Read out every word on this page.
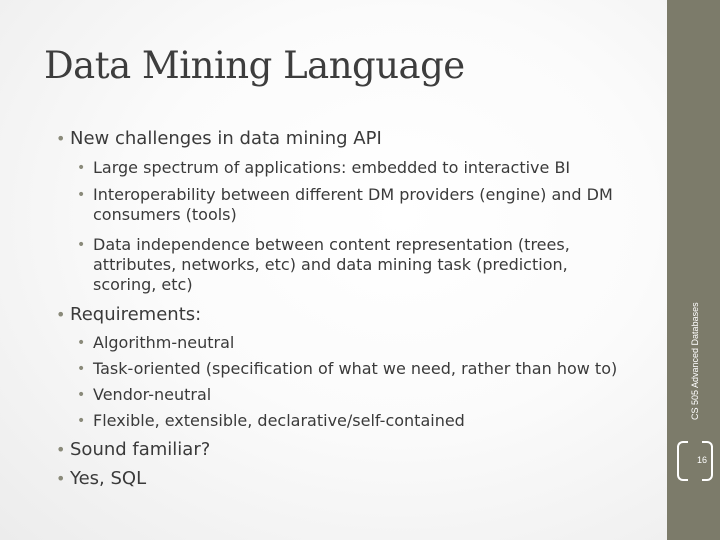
Data Mining Language
• New challenges in data mining API
• Large spectrum of applications: embedded to interactive BI
• Interoperability between different DM providers (engine) and DM consumers (tools)
• Data independence between content representation (trees, attributes, networks, etc) and data mining task (prediction, scoring, etc)
• Requirements:
• Algorithm-neutral
• Task-oriented (specification of what we need, rather than how to)
• Vendor-neutral
• Flexible, extensible, declarative/self-contained
• Sound familiar?
• Yes, SQL
CS 505 Advanced Databases
16
